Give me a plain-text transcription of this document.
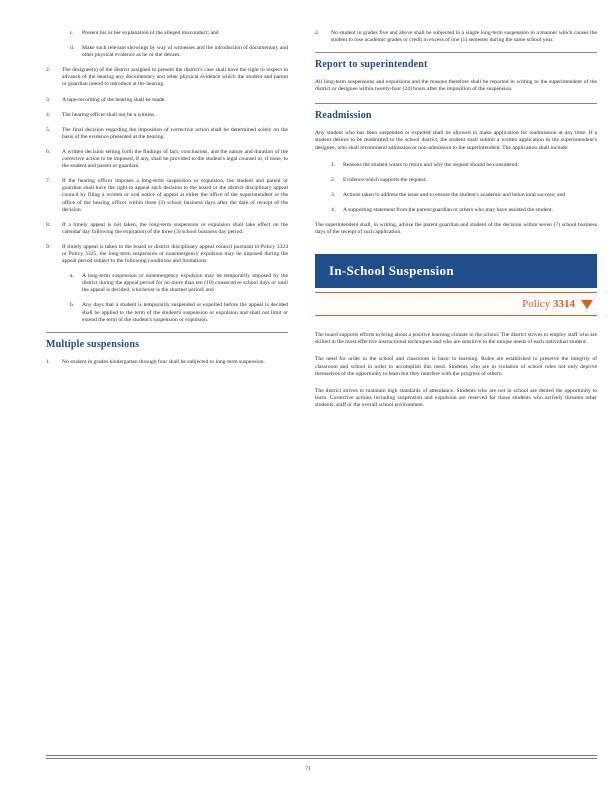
c.	Present his or her explanation of the alleged misconduct; and
d.	Make such relevant showings by way of witnesses and the introduction of documentary and other physical evidence as he or she desires.
2.	The designee(s) of the district assigned to present the district's case shall have the right to inspect in advance of the hearing any documentary and other physical evidence which the student and parent or guardian intend to introduce at the hearing.
3.	A tape-recording of the hearing shall be made.
4.	The hearing officer shall not be a witness.
5.	The final decision regarding the imposition of corrective action shall be determined solely on the basis of the evidence presented at the hearing.
6.	A written decision setting forth the findings of fact, conclusions, and the nature and duration of the corrective action to be imposed, if any, shall be provided to the student's legal counsel or, if none, to the student and parent or guardian.
7.	If the hearing officer imposes a long-term suspension or expulsion, the student and parent or guardian shall have the right to appeal such decision to the board or the district disciplinary appeal council by filing a written or oral notice of appeal at either the office of the superintendent or the office of the hearing officer within three (3) school business days after the date of receipt of the decision.
8.	If a timely appeal is not taken, the long-term suspension or expulsion shall take effect on the calendar day following the expiration of the three (3) school business day period.
9.	If timely appeal is taken to the board or district disciplinary appeal council pursuant to Policy 3324 or Policy 3325, the long-term suspension or nonemergency expulsion may be imposed during the appeal period subject to the following conditions and limitations:
a.	A long-term suspension or nonemergency expulsion may be temporarily imposed by the district during the appeal period for no more than ten (10) consecutive school days or until the appeal is decided, whichever is the shortest period; and
b.	Any days that a student is temporarily suspended or expelled before the appeal is decided shall be applied to the term of the student's suspension or expulsion and shall not limit or extend the term of the student's suspension or expulsion.
Multiple suspensions
1.	No student in grades kindergarten through four shall be subjected to long-term suspension.
2.	No student in grades five and above shall be subjected to a single long-term suspension in a manner which causes the student to lose academic grades or credit in excess of one (1) semester during the same school year.
Report to superintendent
All long-term suspensions and expulsions and the reasons therefore shall be reported in writing to the superintendent of the district or designee within twenty-four (24) hours after the imposition of the suspension.
Readmission
Any student who has been suspended or expelled shall be allowed to make application for readmission at any time. If a student desires to be readmitted to the school district, the student shall submit a written application to the superintendent's designee, who shall recommend admission or non-admission to the superintendent. The application shall include:
1.	Reasons the student wants to return and why the request should be considered;
2.	Evidence which supports the request;
3.	Actions taken to address the issue and to ensure the student's academic and behavioral success; and
4.	A supporting statement from the parent/guardian or others who may have assisted the student.
The superintendent shall, in writing, advise the parent guardian and student of the decision within seven (7) school business days of the receipt of such application.
In-School Suspension
Policy 3314
The board supports efforts to bring about a positive learning climate in the school. The district strives to employ staff who are skilled in the most effective instructional techniques and who are sensitive to the unique needs of each individual student.
The need for order in the school and classroom is basic to learning. Rules are established to preserve the integrity of classroom and school in order to accomplish this need. Students who are in violation of school rules not only deprive themselves of the opportunity to learn but they interfere with the progress of others.
The district strives to maintain high standards of attendance. Students who are not in school are denied the opportunity to learn. Corrective actions including suspension and expulsion are reserved for those students who actively threaten other students, staff or the overall school environment.
71
